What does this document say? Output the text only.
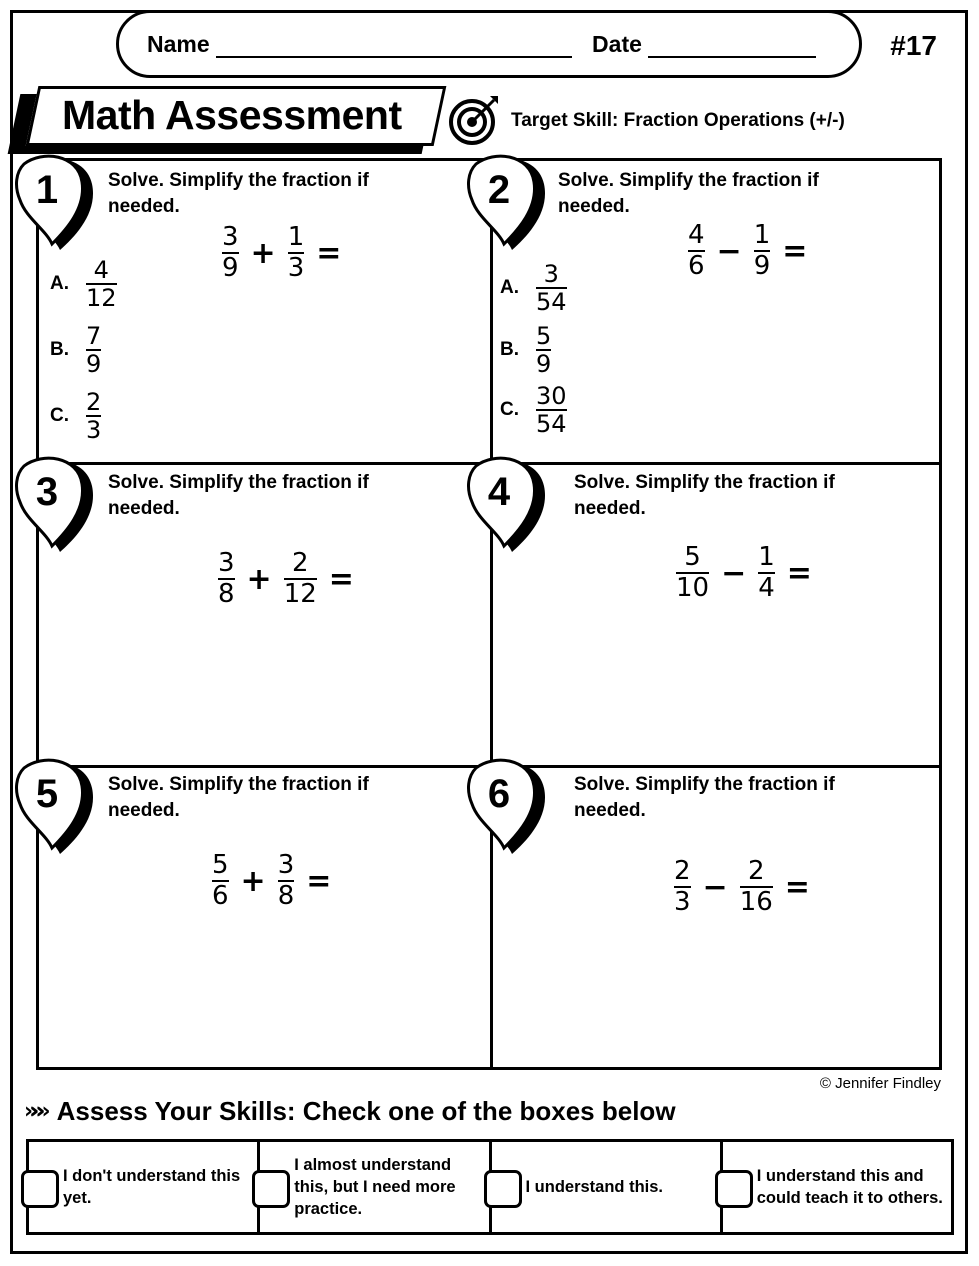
Name	Date	#17
Math Assessment	Target Skill: Fraction Operations (+/-)
1	Solve. Simplify the fraction if needed.
$\frac{3}{9} + \frac{1}{3}$ =
A. $\frac{4}{12}$
B. $\frac{7}{9}$
C. $\frac{2}{3}$
2	Solve. Simplify the fraction if needed.
$\frac{4}{6} - \frac{1}{9}$ =
A. $\frac{3}{54}$
B. $\frac{5}{9}$
C. $\frac{30}{54}$
3	Solve. Simplify the fraction if needed.
$\frac{3}{8} + \frac{2}{12}$ =
4	Solve. Simplify the fraction if needed.
$\frac{5}{10} - \frac{1}{4}$ =
5	Solve. Simplify the fraction if needed.
$\frac{5}{6} + \frac{3}{8}$ =
6	Solve. Simplify the fraction if needed.
$\frac{2}{3} - \frac{2}{16}$ =
© Jennifer Findley
»»» Assess Your Skills: Check one of the boxes below
I don't understand this yet.
I almost understand this, but I need more practice.
I understand this.
I understand this and could teach it to others.
